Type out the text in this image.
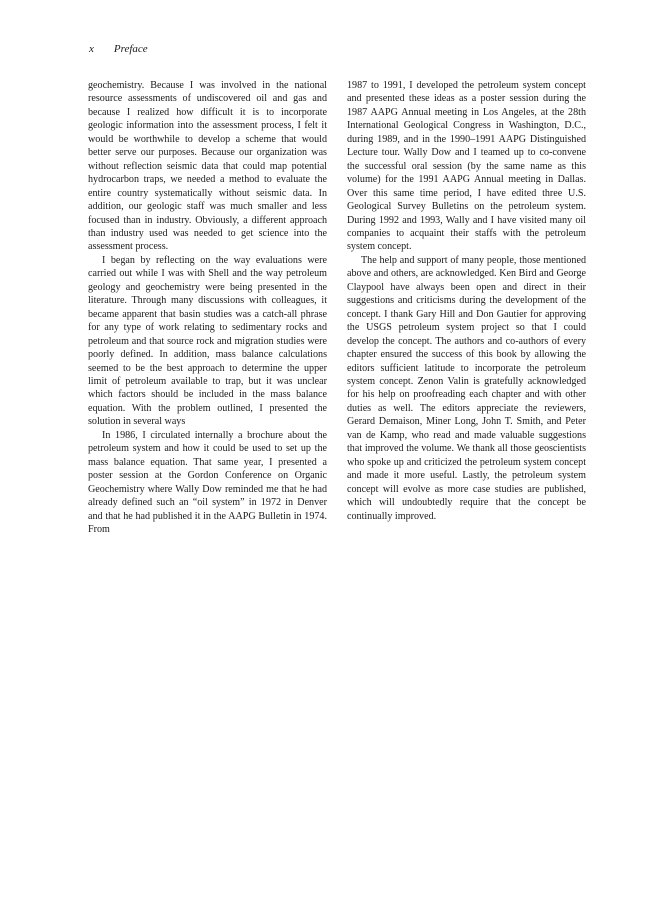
x Preface

geochemistry. Because I was involved in the national resource assessments of undiscovered oil and gas and because I realized how difficult it is to incorporate geologic information into the assessment process, I felt it would be worthwhile to develop a scheme that would better serve our purposes. Because our organization was without reflection seismic data that could map potential hydrocarbon traps, we needed a method to evaluate the entire country systematically without seismic data. In addition, our geologic staff was much smaller and less focused than in industry. Obviously, a different approach than industry used was needed to get science into the assessment process.

I began by reflecting on the way evaluations were carried out while I was with Shell and the way petroleum geology and geochemistry were being presented in the literature. Through many discussions with colleagues, it became apparent that basin studies was a catch-all phrase for any type of work relating to sedimentary rocks and petroleum and that source rock and migration studies were poorly defined. In addition, mass balance calculations seemed to be the best approach to determine the upper limit of petroleum available to trap, but it was unclear which factors should be included in the mass balance equation. With the problem outlined, I presented the solution in several ways

In 1986, I circulated internally a brochure about the petroleum system and how it could be used to set up the mass balance equation. That same year, I presented a poster session at the Gordon Conference on Organic Geochemistry where Wally Dow reminded me that he had already defined such an “oil system” in 1972 in Denver and that he had published it in the AAPG Bulletin in 1974. From

1987 to 1991, I developed the petroleum system concept and presented these ideas as a poster session during the 1987 AAPG Annual meeting in Los Angeles, at the 28th International Geological Congress in Washington, D.C., during 1989, and in the 1990–1991 AAPG Distinguished Lecture tour. Wally Dow and I teamed up to co-convene the successful oral session (by the same name as this volume) for the 1991 AAPG Annual meeting in Dallas. Over this same time period, I have edited three U.S. Geological Survey Bulletins on the petroleum system. During 1992 and 1993, Wally and I have visited many oil companies to acquaint their staffs with the petroleum system concept.

The help and support of many people, those mentioned above and others, are acknowledged. Ken Bird and George Claypool have always been open and direct in their suggestions and criticisms during the development of the concept. I thank Gary Hill and Don Gautier for approving the USGS petroleum system project so that I could develop the concept. The authors and co-authors of every chapter ensured the success of this book by allowing the editors sufficient latitude to incorporate the petroleum system concept. Zenon Valin is gratefully acknowledged for his help on proofreading each chapter and with other duties as well. The editors appreciate the reviewers, Gerard Demaison, Miner Long, John T. Smith, and Peter van de Kamp, who read and made valuable suggestions that improved the volume. We thank all those geoscientists who spoke up and criticized the petroleum system concept and made it more useful. Lastly, the petroleum system concept will evolve as more case studies are published, which will undoubtedly require that the concept be continually improved.
